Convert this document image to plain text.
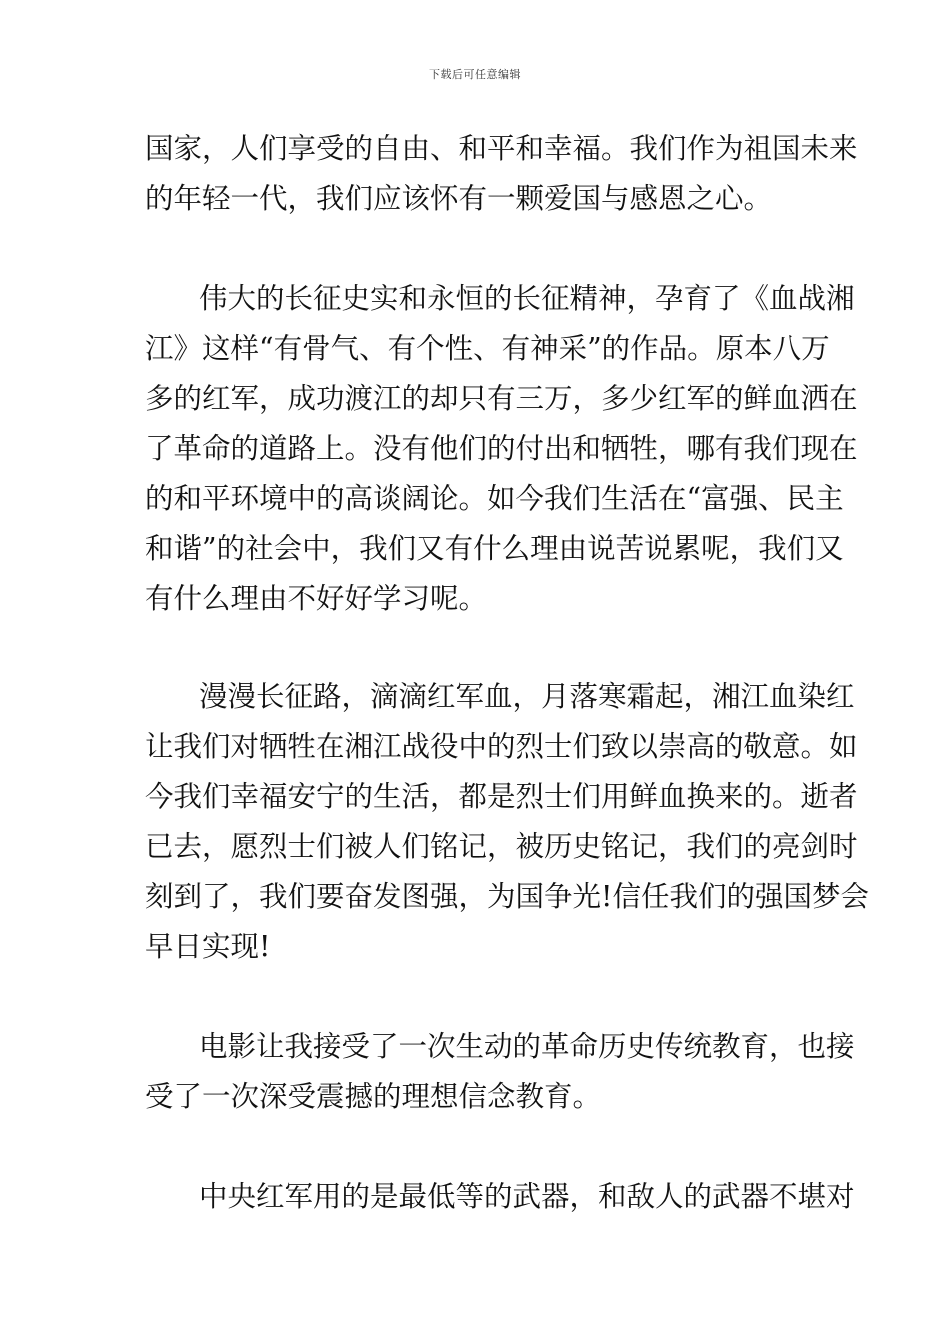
下载后可任意编辑
国家，人们享受的自由、和平和幸福。我们作为祖国未来
的年轻一代，我们应该怀有一颗爱国与感恩之心。
伟大的长征史实和永恒的长征精神，孕育了《血战湘
江》这样“有骨气、有个性、有神采”的作品。原本八万
多的红军，成功渡江的却只有三万，多少红军的鲜血洒在
了革命的道路上。没有他们的付出和牺牲，哪有我们现在
的和平环境中的高谈阔论。如今我们生活在“富强、民主
和谐”的社会中，我们又有什么理由说苦说累呢，我们又
有什么理由不好好学习呢。
漫漫长征路，滴滴红军血，月落寒霜起，湘江血染红
让我们对牺牲在湘江战役中的烈士们致以崇高的敬意。如
今我们幸福安宁的生活，都是烈士们用鲜血换来的。逝者
已去，愿烈士们被人们铭记，被历史铭记，我们的亮剑时
刻到了，我们要奋发图强，为国争光!信任我们的强国梦会
早日实现!
电影让我接受了一次生动的革命历史传统教育，也接
受了一次深受震撼的理想信念教育。
中央红军用的是最低等的武器，和敌人的武器不堪对
